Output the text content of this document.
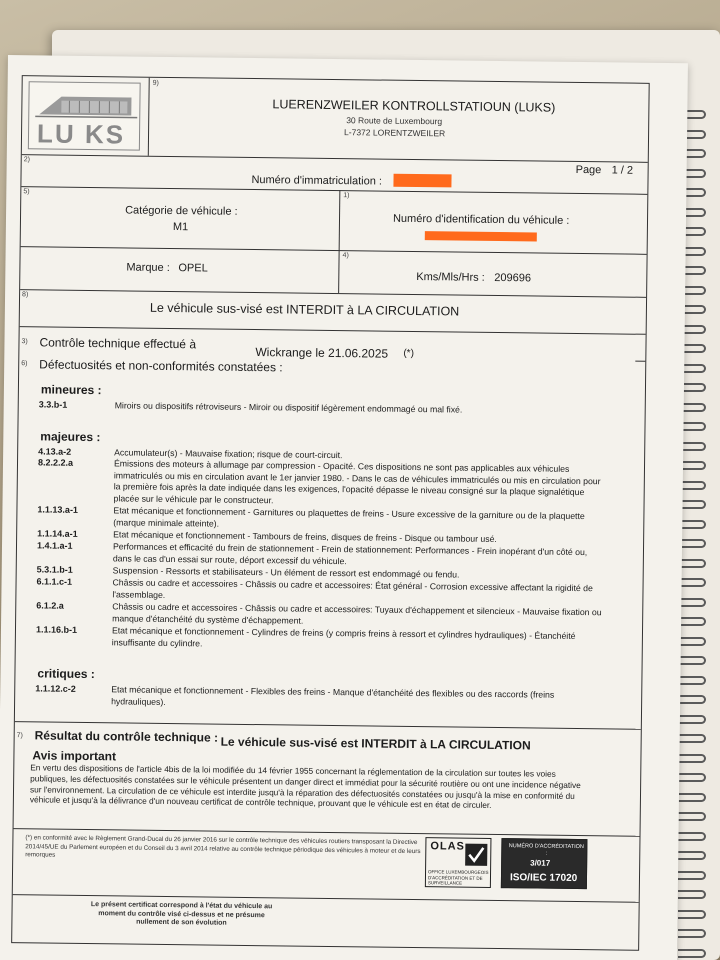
LU KS
9)
LUERENZWEILER KONTROLLSTATIOUN (LUKS)
30 Route de Luxembourg
L-7372 LORENTZWEILER
2)
Page 1 / 2
Numéro d'immatriculation :
5)
1)
Catégorie de véhicule :
M1
Numéro d'identification du véhicule :
4)
Marque : OPEL
Kms/Mls/Hrs : 209696
8)
Le véhicule sus-visé est INTERDIT à LA CIRCULATION
3) Contrôle technique effectué à
Wickrange le 21.06.2025 (*)
6) Défectuosités et non-conformités constatées :
mineures :
3.3.b-1	Miroirs ou dispositifs rétroviseurs - Miroir ou dispositif légèrement endommagé ou mal fixé.
majeures :
4.13.a-2	Accumulateur(s) - Mauvaise fixation; risque de court-circuit.
8.2.2.2.a	Émissions des moteurs à allumage par compression - Opacité. Ces dispositions ne sont pas applicables aux véhicules immatriculés ou mis en circulation avant le 1er janvier 1980. - Dans le cas de véhicules immatriculés ou mis en circulation pour la première fois après la date indiquée dans les exigences, l'opacité dépasse le niveau consigné sur la plaque signalétique placée sur le véhicule par le constructeur.
1.1.13.a-1	Etat mécanique et fonctionnement - Garnitures ou plaquettes de freins - Usure excessive de la garniture ou de la plaquette (marque minimale atteinte).
1.1.14.a-1	Etat mécanique et fonctionnement - Tambours de freins, disques de freins - Disque ou tambour usé.
1.4.1.a-1	Performances et efficacité du frein de stationnement - Frein de stationnement: Performances - Frein inopérant d'un côté ou, dans le cas d'un essai sur route, déport excessif du véhicule.
5.3.1.b-1	Suspension - Ressorts et stabilisateurs - Un élément de ressort est endommagé ou fendu.
6.1.1.c-1	Châssis ou cadre et accessoires - Châssis ou cadre et accessoires: État général - Corrosion excessive affectant la rigidité de l'assemblage.
6.1.2.a	Châssis ou cadre et accessoires - Châssis ou cadre et accessoires: Tuyaux d'échappement et silencieux - Mauvaise fixation ou manque d'étanchéité du système d'échappement.
1.1.16.b-1	Etat mécanique et fonctionnement - Cylindres de freins (y compris freins à ressort et cylindres hydrauliques) - Étanchéité insuffisante du cylindre.
critiques :
1.1.12.c-2	Etat mécanique et fonctionnement - Flexibles des freins - Manque d'étanchéité des flexibles ou des raccords (freins hydrauliques).
7) Résultat du contrôle technique : Le véhicule sus-visé est INTERDIT à LA CIRCULATION
Avis important
En vertu des dispositions de l'article 4bis de la loi modifiée du 14 février 1955 concernant la réglementation de la circulation sur toutes les voies publiques, les défectuosités constatées sur le véhicule présentent un danger direct et immédiat pour la sécurité routière ou ont une incidence négative sur l'environnement. La circulation de ce véhicule est interdite jusqu'à la réparation des défectuosités constatées ou jusqu'à la mise en conformité du véhicule et jusqu'à la délivrance d'un nouveau certificat de contrôle technique, prouvant que le véhicule est en état de circuler.
(*) en conformité avec le Règlement Grand-Ducal du 26 janvier 2016 sur le contrôle technique des véhicules routiers transposant la Directive 2014/45/UE du Parlement européen et du Conseil du 3 avril 2014 relative au contrôle technique périodique des véhicules à moteur et de leurs remorques
OLAS
OFFICE LUXEMBOURGEOIS D'ACCRÉDITATION ET DE SURVEILLANCE
NUMÉRO D'ACCRÉDITATION :
3/017
ISO/IEC 17020
Le présent certificat correspond à l'état du véhicule au moment du contrôle visé ci-dessus et ne présume nullement de son évolution
